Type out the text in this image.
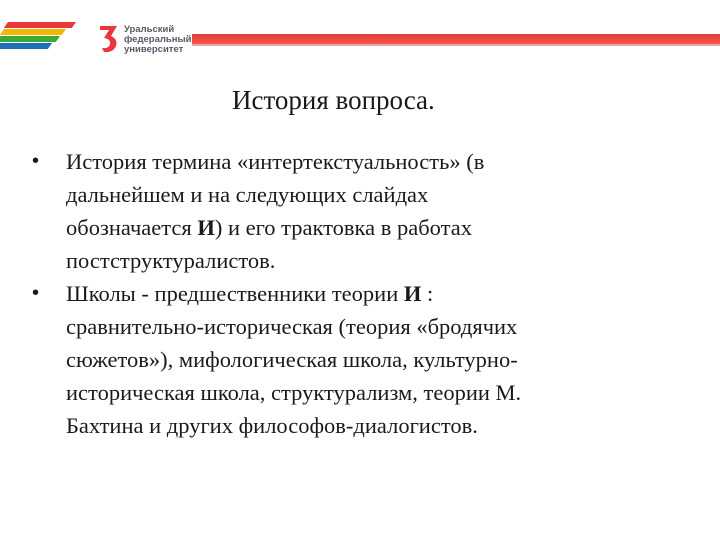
Уральский
федеральный
университет
История вопроса.
• История термина «интертекстуальность» (в
дальнейшем и на следующих слайдах
обозначается И) и его трактовка в работах
постструктуралистов.
• Школы - предшественники теории И :
сравнительно-историческая (теория «бродячих
сюжетов»), мифологическая школа, культурно-
историческая школа, структурализм, теории М.
Бахтина и других философов-диалогистов.
